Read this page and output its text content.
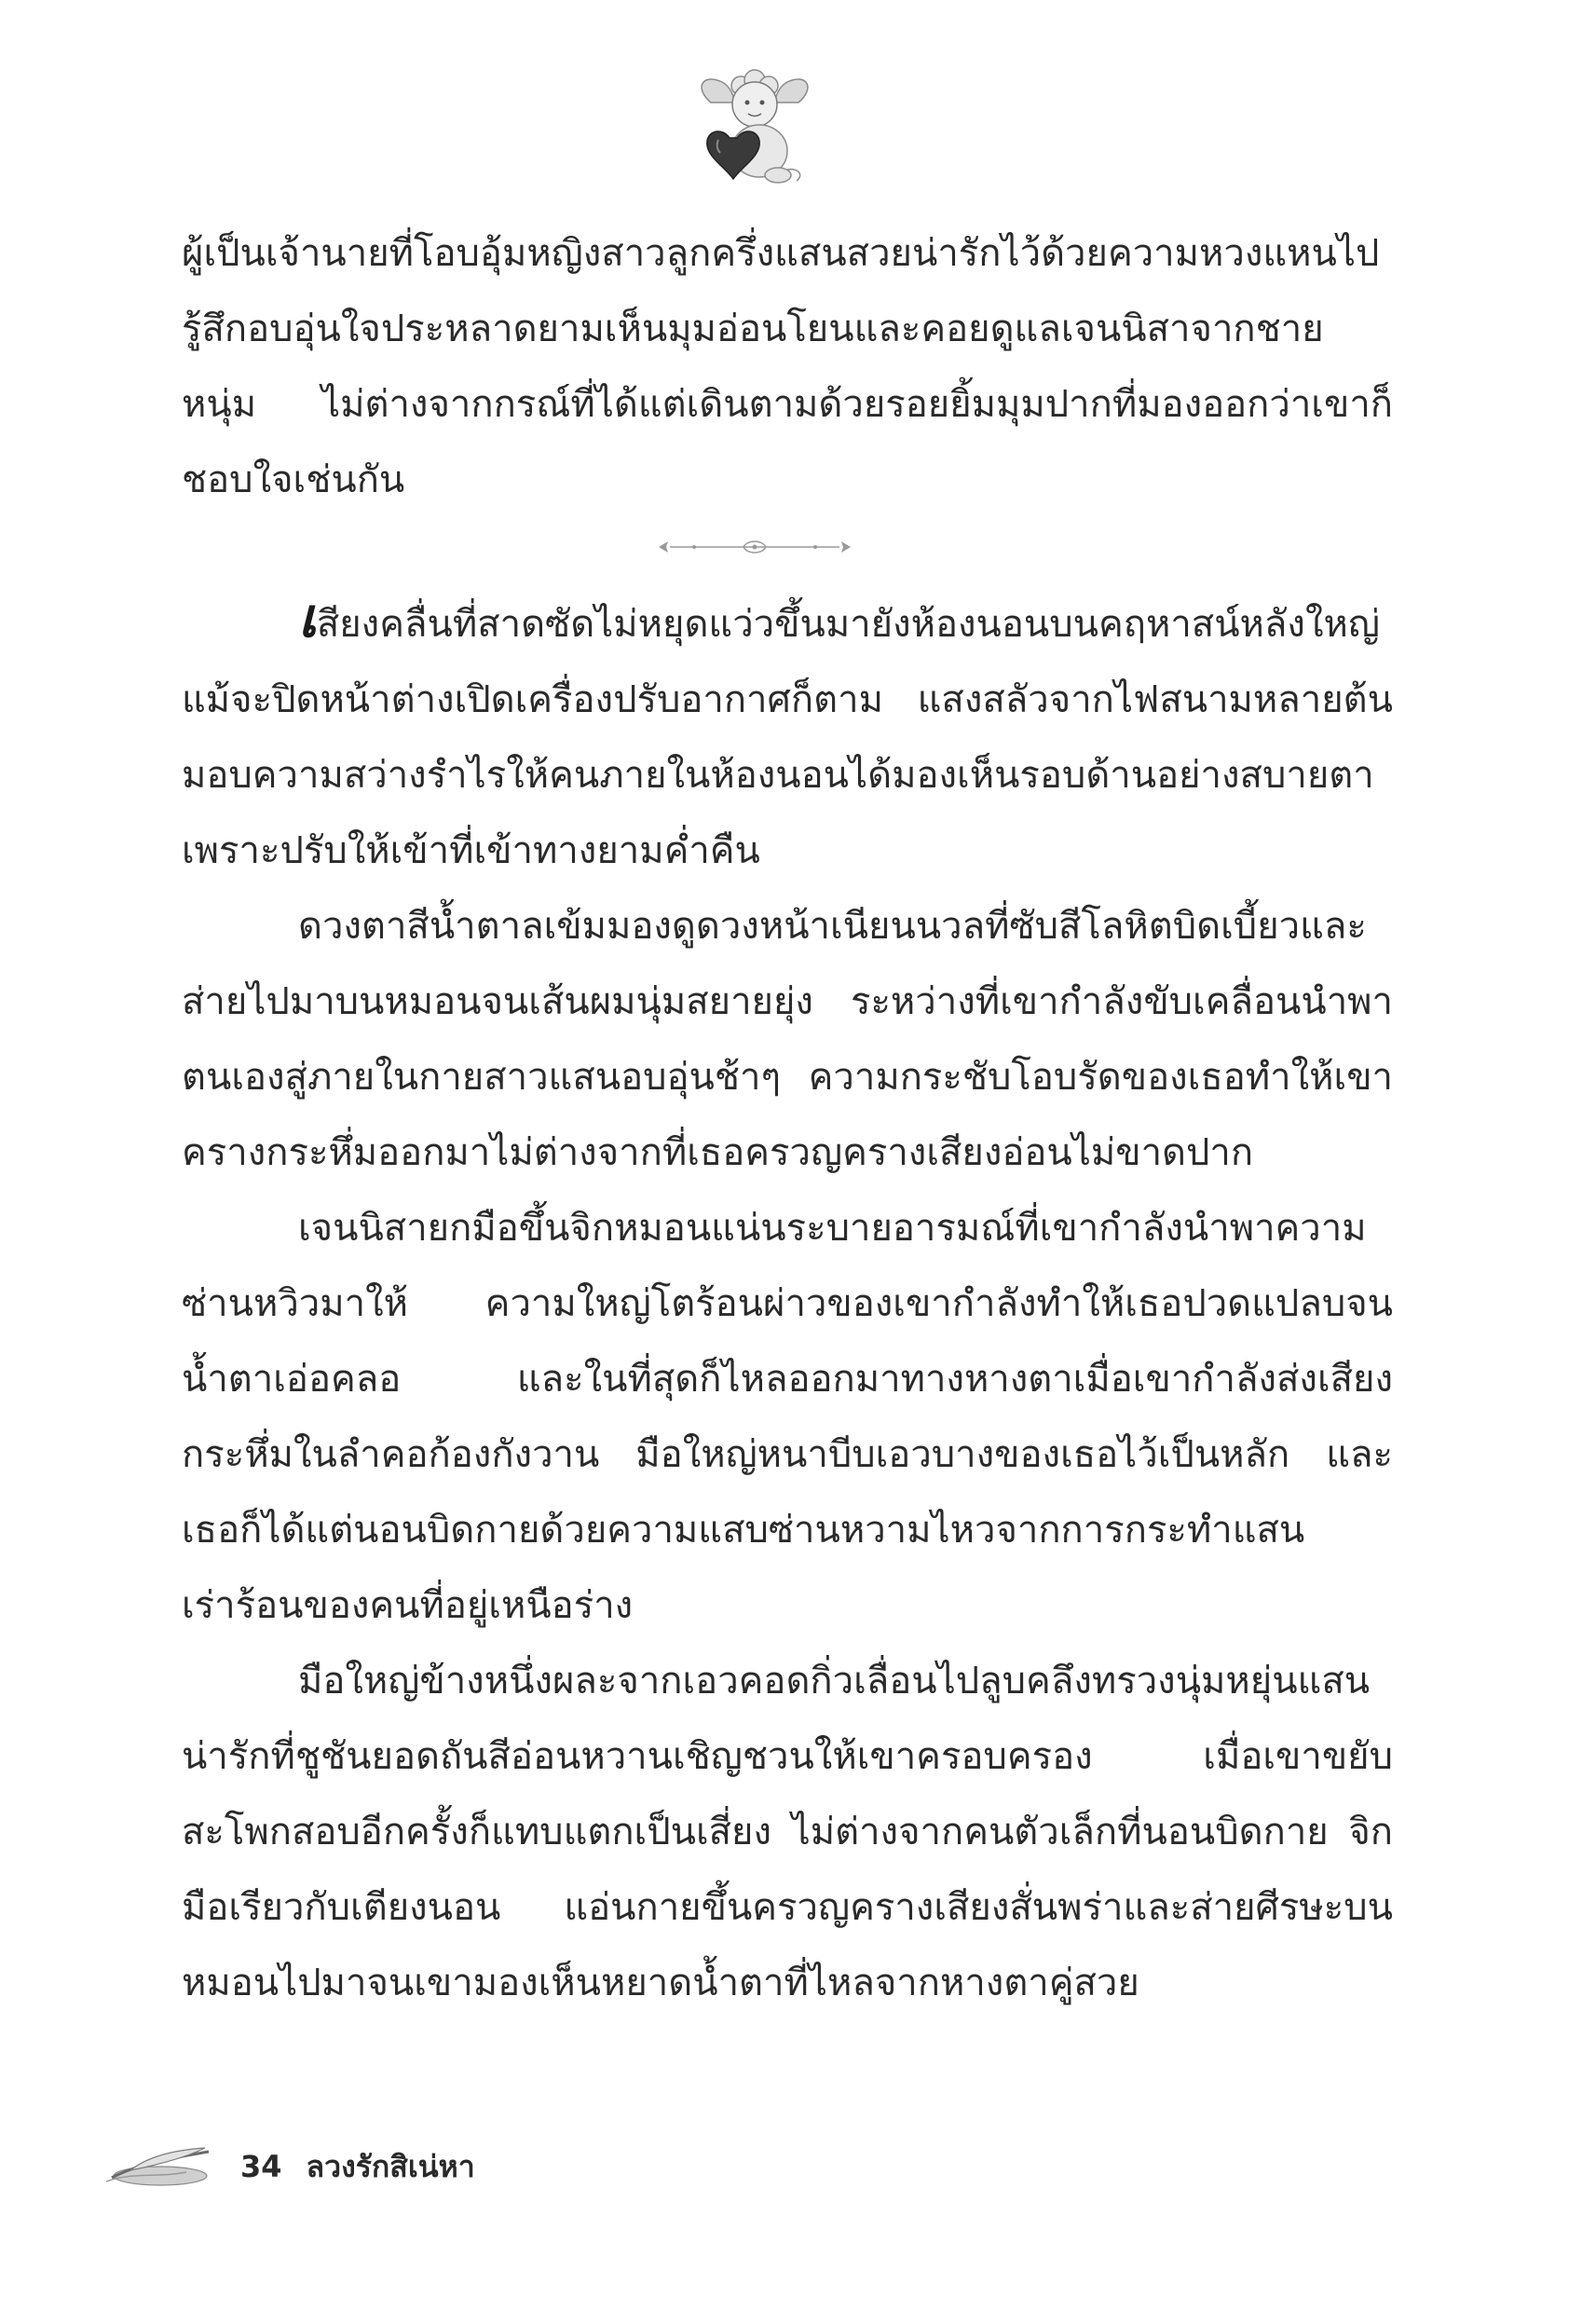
ผู้เป็นเจ้านายที่โอบอุ้มหญิงสาวลูกครึ่งแสนสวยน่ารักไว้ด้วยความหวงแหนไป รู้สึกอบอุ่นใจประหลาดยามเห็นมุมอ่อนโยนและคอยดูแลเจนนิสาจากชายหนุ่ม ไม่ต่างจากกรณ์ที่ได้แต่เดินตามด้วยรอยยิ้มมุมปากที่มองออกว่าเขาก็ชอบใจเช่นกัน

เสียงคลื่นที่สาดซัดไม่หยุดแว่วขึ้นมายังห้องนอนบนคฤหาสน์หลังใหญ่แม้จะปิดหน้าต่างเปิดเครื่องปรับอากาศก็ตาม แสงสลัวจากไฟสนามหลายต้นมอบความสว่างรำไรให้คนภายในห้องนอนได้มองเห็นรอบด้านอย่างสบายตา เพราะปรับให้เข้าที่เข้าทางยามค่ำคืน

ดวงตาสีน้ำตาลเข้มมองดูดวงหน้าเนียนนวลที่ซับสีโลหิตบิดเบี้ยวและส่ายไปมาบนหมอนจนเส้นผมนุ่มสยายยุ่ง ระหว่างที่เขากำลังขับเคลื่อนนำพาตนเองสู่ภายในกายสาวแสนอบอุ่นช้าๆ ความกระชับโอบรัดของเธอทำให้เขาครางกระหึ่มออกมาไม่ต่างจากที่เธอครวญครางเสียงอ่อนไม่ขาดปาก

เจนนิสายกมือขึ้นจิกหมอนแน่นระบายอารมณ์ที่เขากำลังนำพาความซ่านหวิวมาให้ ความใหญ่โตร้อนผ่าวของเขากำลังทำให้เธอปวดแปลบจนน้ำตาเอ่อคลอ และในที่สุดก็ไหลออกมาทางหางตาเมื่อเขากำลังส่งเสียงกระหึ่มในลำคอก้องกังวาน มือใหญ่หนาบีบเอวบางของเธอไว้เป็นหลัก และเธอก็ได้แต่นอนบิดกายด้วยความแสบซ่านหวามไหวจากการกระทำแสนเร่าร้อนของคนที่อยู่เหนือร่าง

มือใหญ่ข้างหนึ่งผละจากเอวคอดกิ่วเลื่อนไปลูบคลึงทรวงนุ่มหยุ่นแสนน่ารักที่ชูชันยอดถันสีอ่อนหวานเชิญชวนให้เขาครอบครอง เมื่อเขาขยับสะโพกสอบอีกครั้งก็แทบแตกเป็นเสี่ยง ไม่ต่างจากคนตัวเล็กที่นอนบิดกาย จิกมือเรียวกับเตียงนอน แอ่นกายขึ้นครวญครางเสียงสั่นพร่าและส่ายศีรษะบนหมอนไปมาจนเขามองเห็นหยาดน้ำตาที่ไหลจากหางตาคู่สวย

34 ลวงรักสิเน่หา
